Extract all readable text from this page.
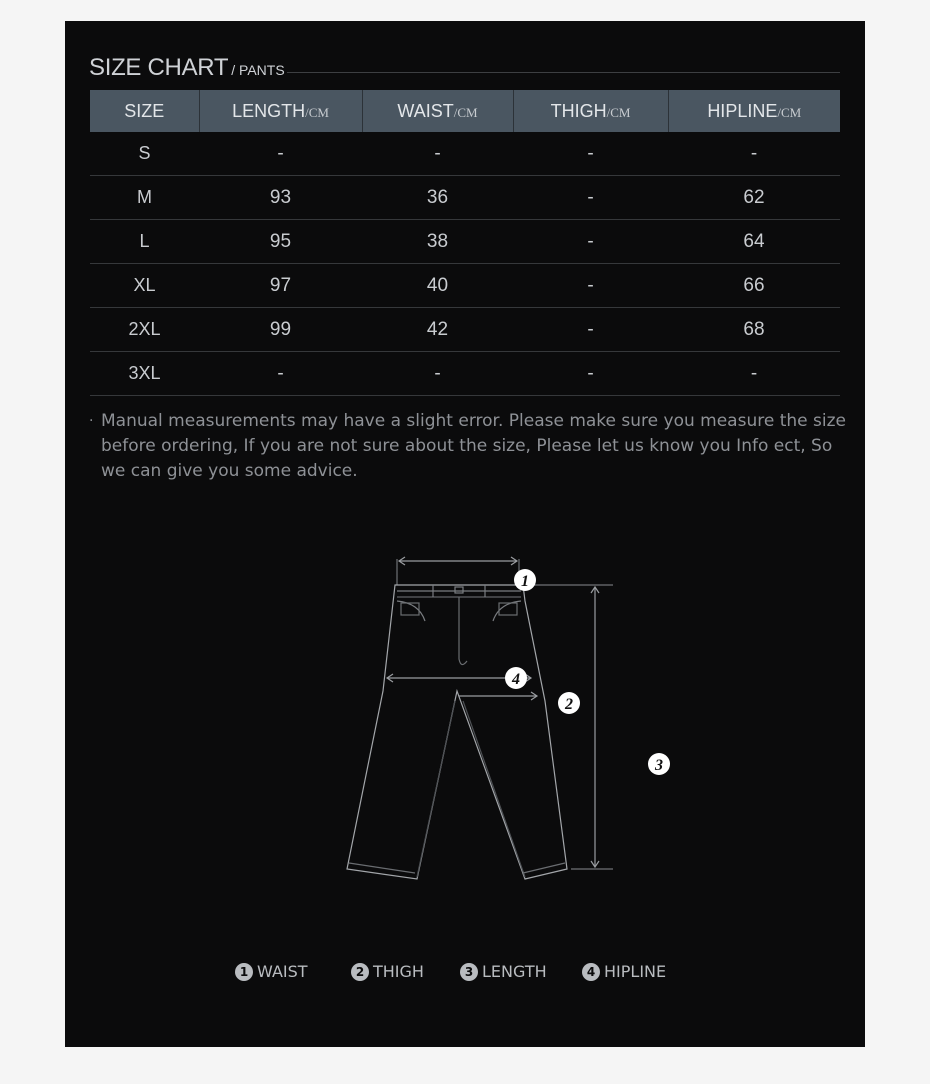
SIZE CHART / PANTS
SIZE	LENGTH/CM	WAIST/CM	THIGH/CM	HIPLINE/CM
S	-	-	-	-
M	93	36	-	62
L	95	38	-	64
XL	97	40	-	66
2XL	99	42	-	68
3XL	-	-	-	-
· Manual measurements may have a slight error. Please make sure you measure the size before ordering, If you are not sure about the size, Please let us know you Info ect, So we can give you some advice.
1
2
3
4
1 WAIST	2 THIGH	3 LENGTH	4 HIPLINE
